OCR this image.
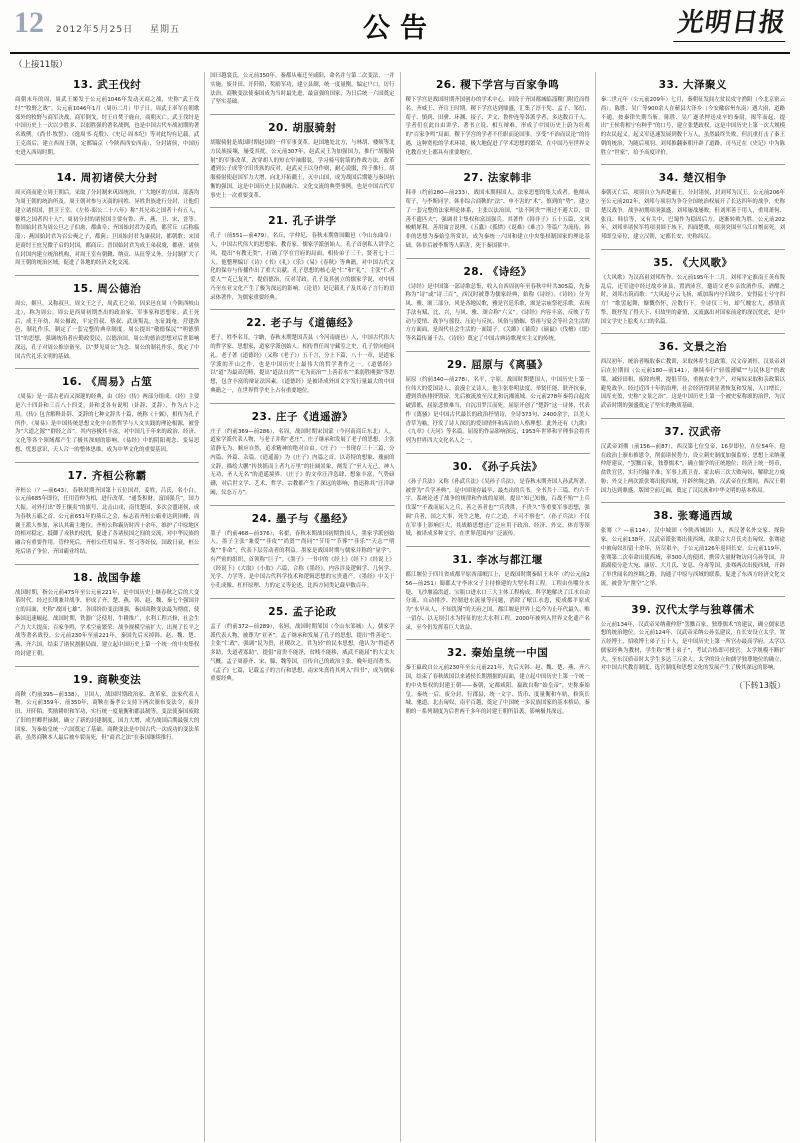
12 2012年5月25日 星期五	公告	光明日报
（上接11版）
13. 武王伐纣
商朝末年的周，周武王姬发于公元前1046年发动灭商之战，史称“武王伐纣”“牧野之战”。公元前1046年1月（周历二月）甲子日，周武王率军在朝歌郊外的牧野与商军决战，商军倒戈，纣王自焚于鹿台，商朝灭亡。武王伐纣是中国历史上一次以少胜多、以弱胜强的著名战例，也是中国古代车战初期的著名战例。《尚书·牧誓》、《逸周书·克殷》、《史记·周本纪》等对此均有记载。武王克商后，建立西周王朝，定都镐京（今陕西西安西南），分封诸侯，中国历史进入西周时期。
14. 周初诸侯大分封
周灭商而建立周王朝后，采取了分封制来巩固统治，广大地区的方国、部落均为周王朝的统治所及。周王朝对参与灭商的同姓、异姓贵族进行分封，让他们建立诸侯国，拱卫王室。《左传·昭公二十八年》称“其兄弟之国者十有五人，姬姓之国者四十人”。周初分封的诸侯国主要有鲁、齐、燕、卫、宋、晋等。鲁国始封君为周公旦之子伯禽，都曲阜；齐国始封君为姜尚，都营丘（后称临淄）；燕国始封君为召公奭之子，都蓟；卫国始封君为康叔封，都朝歌；宋国是商纣王庶兄微子启的封国，都商丘；晋国始封君为成王弟叔虞，都唐。诸侯在封国内建立统治机构，对周王室有朝觐、纳贡、从征等义务。分封制扩大了周王朝的统治区域，促进了各地的经济文化交流。
15. 周公德治
周公，姬旦，又称叔旦，周文王之子，周武王之弟，因采邑在周（今陕西岐山北），称为周公。周公是西周初期杰出的政治家、军事家和思想家。武王死后，成王年幼，周公摄政，平定管叔、蔡叔、武庚叛乱，东征践奄，营建洛邑，制礼作乐，制定了一套完整的典章制度。周公提出“敬德保民”“明德慎罚”的思想，强调统治者应勤政爱民，以德治国。周公的德治思想对后世影响深远，孔子对周公推崇备至，以“梦见周公”为念。周公的制礼作乐，奠定了中国古代礼乐文明的基础。
16. 《周易》占筮
《周易》是一部古老而又深邃的经典，由《经》《传》两部分组成。《经》主要是六十四卦和三百八十四爻，卦和爻各有说明（卦辞、爻辞），作为占卜之用。《传》包含解释卦辞、爻辞的七种文辞共十篇，统称《十翼》，相传为孔子所作。《周易》是中国传统思想文化中自然哲学与人文实践的理论根源，被誉为“大道之源”“群经之首”。其内容极其丰富，对中国几千年来的政治、经济、文化等各个领域都产生了极其深刻的影响。《易经》中的阴阳观念、变易思想、忧患意识、天人合一的整体思维，成为中华文化的重要基因。
17. 齐桓公称霸
齐桓公（？—前643），春秋时期齐国第十五位国君，姜姓，吕氏，名小白。公元前685年即位，任用管仲为相，进行改革，“通货积财，富国强兵”，国力大振。对外打出“尊王攘夷”的旗号，北击山戎，南伐楚国，多次会盟诸侯，成为春秋五霸之首。公元前651年的葵丘之会，标志着齐桓公霸业达到顶峰，周襄王派人参加，承认其霸主地位。齐桓公称霸历时四十余年，维护了中原地区的相对稳定，抵御了戎狄的侵扰，促进了各诸侯国之间的交流，对中华民族的融合有重要作用。管仲死后，齐桓公任用易牙、竖刁等奸佞，国政日衰，桓公死后诸子争位，齐国霸业终结。
18. 战国争雄
战国时期，指公元前475年至公元前221年，是中国历史上继春秋之后的大变革时代。经过长期兼并战争，形成了齐、楚、燕、韩、赵、魏、秦七个强国并立的局面，史称“战国七雄”。各国纷纷变法图强，秦国商鞅变法最为彻底，使秦国迅速崛起。战国时期，铁器广泛使用，牛耕推广，水利工程兴修，社会生产力大大提高；百家争鸣，学术空前繁荣；战争规模空前扩大，出现了长平之战等著名战役。公元前230年至前221年，秦国先后灭掉韩、赵、魏、楚、燕、齐六国，结束了诸侯割据局面，建立起中国历史上第一个统一的中央集权的封建王朝。
19. 商鞅变法
商鞅（约前395—前338），卫国人，战国时期政治家、改革家，法家代表人物。公元前359年、前350年，商鞅在秦孝公支持下两次颁布变法令，废井田、开阡陌，奖励耕织和军功，实行统一度量衡和郡县制等。变法使秦国废除了旧的世卿世禄制，确立了新的封建制度，国力大增，成为战国后期最强大的国家，为秦始皇统一六国奠定了基础。商鞅变法是中国古代一次成功的变法革新，虽然商鞅本人最后被车裂而死，但“商君之法”在秦国继续推行。
国曰越裳氏。公元前350年，秦都从雍迁至咸阳，命名并与第二次变法，一并实施。废井田、开阡陌，奖励军功，建立县制，统一度量衡，编定户口，厉行法治。商鞅变法使秦国成为当时最先进、最富强的国家，为日后统一六国奠定了坚实基础。
20. 胡服骑射
胡服骑射是战国时期赵国的一件军事变革。赵国地处北方，与林胡、楼烦等北方民族接壤，屡受其扰。公元前307年，赵武灵王为加强国力，推行“胡服骑射”的军事改革，改穿胡人的短衣窄袖服装，学习骑马射箭的作战方法。改革遭到公子成等守旧贵族的反对，赵武灵王以身作则，耐心说服，终于推行。胡服骑射使赵国军力大增，向北开拓疆土，灭中山国，成为战国后期能与秦国抗衡的强国。这是中国历史上民族融合、文化交流的典型事例，也是中国古代军事史上一次重要变革。
21. 孔子讲学
孔子（前551—前479），名丘，字仲尼，春秋末期鲁国陬邑（今山东曲阜）人，中国古代伟大的思想家、教育家，儒家学派创始人。孔子首创私人讲学之风，提出“有教无类”，打破了学在官府的局面，相传弟子三千，贤者七十二人。他整理编订《诗》《书》《礼》《乐》《易》《春秋》等典籍，对中国古代文化的保存与传播作出了重大贡献。孔子思想的核心是“仁”和“礼”，主张“仁者爱人”“克己复礼”，提倡德治，反对苛政。孔子及其创立的儒家学说，对中国乃至东亚文化产生了极为深远的影响。《论语》是记载孔子及其弟子言行的语录体著作，为儒家重要经典。
22. 老子与《道德经》
老子，姓李名耳，字聃，春秋末期楚国苦县（今河南鹿邑）人，中国古代伟大的哲学家、思想家，道家学派创始人。相传曾任周守藏室之史，孔子曾向他问礼。老子著《道德经》（又称《老子》）五千言，分上下篇，八十一章，是道家学派的开山之作，也是中国历史上最伟大的哲学著作之一。《道德经》以“道”为最高范畴，提出“道法自然”“无为而治”“上善若水”“柔弱胜刚强”等思想，包含丰富的辩证法因素。《道德经》是被译成外国文字发行量最大的中国典籍之一，在世界哲学史上占有重要地位。
23. 庄子《逍遥游》
庄子（约前369—前286），名周，战国时期宋国蒙（今河南商丘东北）人，道家学派代表人物，与老子并称“老庄”。庄子继承和发展了老子的思想，主张清静无为、顺应自然，追求精神的绝对自由。《庄子》一书现存三十三篇，分内篇、外篇、杂篇。《逍遥游》为《庄子》内篇之首，以奇特的想象、瑰丽的文辞，描绘大鹏“抟扶摇而上者九万里”的壮阔景象，阐发了“至人无己，神人无功，圣人无名”的逍遥境界。《庄子》的文章汪洋恣肆，想象丰富，气势磅礴，对后世文学、艺术、哲学、宗教都产生了深远的影响，鲁迅称其“汪洋辟阖，仪态万方”。
24. 墨子与《墨经》
墨子（约前468—前376），名翟，春秋末期战国初期鲁国人，墨家学派创始人。墨子主张“兼爱”“非攻”“尚贤”“尚同”“节用”“节葬”“非乐”“天志”“明鬼”“非命”，代表下层劳动者的利益。墨家是战国时期与儒家并称的“显学”，有严密的组织，首领称“巨子”。《墨子》一书中的《经上》《经下》《经说上》《经说下》《大取》《小取》六篇，合称《墨经》，内容涉及逻辑学、几何学、光学、力学等，是中国古代科学技术和逻辑思想的宝贵遗产。《墨经》中关于小孔成像、杠杆原理、力的定义等论述，比西方同类记载早数百年。
25. 孟子论政
孟子（约前372—前289），名轲，战国时期邹国（今山东邹城）人，儒家学派代表人物，被尊为“亚圣”。孟子继承和发展了孔子的思想，提出“性善论”，主张“仁政”，强调“民为贵，社稷次之，君为轻”的民本思想。他认为“得道者多助，失道者寡助”，提倡“富贵不能淫，贫贱不能移，威武不能屈”的大丈夫气概。孟子周游齐、宋、滕、魏等国，宣传自己的政治主张，晚年退而著书。《孟子》七篇，记载孟子的言行和思想，南宋朱熹将其列入“四书”，成为儒家重要经典。
26. 稷下学宫与百家争鸣
稷下学宫是战国时期齐国创办的学术中心，因设于齐国都城临淄稷门附近而得名。齐威王、齐宣王时期，稷下学宫达到鼎盛，汇集了淳于髡、孟子、邹衍、荀子、慎到、田骈、环渊、接子、尹文、鲁仲连等各派学者，多达数百千人。学者们在此自由讲学、著书立说、相互辩难，形成了中国历史上蔚为壮观的“百家争鸣”局面。稷下学宫的学者不任职而论国事，享受“不治而议论”的待遇，这种宽松的学术环境，极大地促进了学术思想的繁荣，在中国乃至世界文化教育史上都具有重要地位。
27. 法家韩非
韩非（约前280—前233），战国末期韩国人，法家思想的集大成者。他师从荀子，与李斯同学。韩非综合商鞅的“法”、申不害的“术”、慎到的“势”，建立了一套完整的法家理论体系，主张以法治国，“法不阿贵”“刑过不避大臣，赏善不遗匹夫”，强调君主集权和富国强兵。其著作《韩非子》五十五篇，文风峻峭犀利，善用寓言说理，《五蠹》《孤愤》《说难》《难言》等篇广为流传。韩非的思想为秦始皇所赏识，成为秦统一六国和建立中央集权制国家的理论基础。韩非后被李斯等人陷害，死于秦国狱中。
28. 《诗经》
《诗经》是中国第一部诗歌总集，收入自西周初年至春秋中叶共305篇，先秦称为“诗”或“诗三百”，西汉时被尊为儒家经典，始称《诗经》。《诗经》分为风、雅、颂三部分，风是各地民歌，雅是宫廷乐歌，颂是宗庙祭祀乐歌。表现手法有赋、比、兴，与风、雅、颂合称“六义”。《诗经》内容丰富，反映了劳动与爱情、战争与徭役、压迫与反抗、风俗与婚姻、祭祖与宴会等社会生活的方方面面，是周代社会生活的一面镜子。《关雎》《蒹葭》《硕鼠》《伐檀》《氓》等名篇传诵千古，《诗经》奠定了中国古典诗歌现实主义的传统。
29. 屈原与《离骚》
屈原（约前340—前278），名平，字原，战国时期楚国人，中国历史上第一位伟大的爱国诗人、浪漫主义诗人。他主张彰明法度、举贤任能、联齐抗秦，遭到贵族排挤毁谤，先后被流放至汉北和沅湘流域。公元前278年秦将白起攻破郢都，屈原悲愤难当，自沉汨罗江而死。屈原开创了“楚辞”这一诗体，代表作《离骚》是中国古代最长的政治抒情诗，全诗373句、2400余字，以美人香草为喻，抒发了诗人深沉的爱国情怀和高洁的人格理想。此外还有《九歌》《九章》《天问》等名篇。屈原的作品影响深远，1953年世界和平理事会将其列为世界四大文化名人之一。
30. 《孙子兵法》
《孙子兵法》又称《孙武兵法》《吴孙子兵法》，是春秋末期齐国人孙武所著，被誉为“兵学圣典”，是中国现存最早、最杰出的兵书。全书共十三篇，约六千字，系统论述了战争的规律和作战的原则。提出“知己知彼，百战不殆”“上兵伐谋”“不战而屈人之兵，善之善者也”“兵贵胜，不贵久”等重要军事思想，强调“兵者，国之大事，死生之地，存亡之道，不可不察也”。《孙子兵法》不仅在军事上影响巨大，其战略思想还广泛应用于政治、经济、外交、体育等领域，被译成多种文字，在世界范围内广泛流传。
31. 李冰与都江堰
都江堰位于四川省成都平原西部岷江上，是战国时期秦昭王末年（约公元前256—前251）蜀郡太守李冰父子主持修建的大型水利工程。工程由鱼嘴分水堤、飞沙堰溢洪道、宝瓶口进水口三大主体工程构成，科学地解决了江水自动分流、自动排沙、控制进水流量等问题，消除了岷江水患，使成都平原成为“水旱从人，不知饥馑”的天府之国。都江堰是世界上迄今为止年代最久、唯一留存、以无坝引水为特征的宏大水利工程，2000年被列入世界文化遗产名录，至今仍发挥着巨大效益。
32. 秦始皇统一中国
秦王嬴政自公元前230年至公元前221年，先后灭韩、赵、魏、楚、燕、齐六国，结束了春秋战国以来诸侯长期割据的局面，建立起中国历史上第一个统一的中央集权的封建王朝——秦朝，定都咸阳。嬴政自称“始皇帝”，史称秦始皇。秦统一后，废分封，行郡县，统一文字、货币、度量衡和车轨，修筑长城、驰道，北击匈奴，南平百越，奠定了中国统一多民族国家的基本格局。秦朝的一系列制度为后世两千多年的封建王朝所沿袭，影响极其深远。
33. 大泽聚义
秦二世元年（公元前209年）七月，秦朝征发闾左贫民戍守渔阳（今北京密云西），陈胜、吴广等900余人在蕲县大泽乡（今安徽宿州东南）遇大雨，道路不通，按秦律失期当斩。陈胜、吴广遂杀押送戍卒的秦尉，揭竿而起，提出“王侯将相宁有种乎”的口号，建立张楚政权，这是中国历史上第一次大规模的农民起义。起义军迅速发展到数十万人，虽然最终失败，但沉重打击了秦王朝的统治，为随后项羽、刘邦推翻秦朝开辟了道路。司马迁在《史记》中为陈胜立“世家”，给予高度评价。
34. 楚汉相争
秦朝灭亡后，项羽自立为西楚霸王，分封诸侯，封刘邦为汉王。公元前206年至公元前202年，刘邦与项羽为争夺全国统治权展开了长达四年的战争，史称楚汉战争。战争初期项羽强盛，刘邦屡战屡败，但刘邦善于用人，重用萧何、张良、韩信等，又有关中、巴蜀作为稳固后方，逐渐转败为胜。公元前202年，刘邦率诸侯军将项羽围于垓下，四面楚歌，项羽突围至乌江自刎而死。刘邦即皇帝位，建立汉朝，定都长安，史称西汉。
35. 《大风歌》
《大风歌》为汉高祖刘邦所作。公元前195年十二月，刘邦平定淮南王英布叛乱后，还军途中经过故乡沛县，置酒沛宫，邀请父老乡亲饮酒作乐，酒酣之时，刘邦击筑而歌：“大风起兮云飞扬，威加海内兮归故乡，安得猛士兮守四方！”歌罢起舞，慷慨伤怀，泣数行下。全诗仅三句，却气魄宏大，感情真挚，既抒发了得天下、归故里的豪情，又流露出对国家前途的深沉忧虑，是中国文学史上脍炙人口的名篇。
36. 文景之治
西汉初年，统治者吸取秦亡教训，采取休养生息政策。汉文帝刘恒、汉景帝刘启在位期间（公元前180—前141），继续奉行“轻徭薄赋”“与民休息”的政策，减轻田租，废除肉刑，提倡节俭，重视农业生产，对匈奴采取和亲政策以避免战争。经过近四十年的治理，社会经济得到显著恢复和发展，人口增长，国库充盈，史称“文景之治”。这是中国历史上第一个被史家称颂的治世，为汉武帝时期的强盛奠定了坚实的物质基础。
37. 汉武帝
汉武帝刘彻（前156—前87），西汉第七位皇帝，16岁即位，在位54年。他在政治上颁布推恩令，削弱诸侯势力，设立刺史制度加强监察；思想上采纳董仲舒建议，“罢黜百家，独尊儒术”，确立儒学的正统地位；经济上统一铸币，盐铁官营，实行均输平准；军事上派卫青、霍去病三次大败匈奴，解除北方威胁；外交上两次派张骞出使西域，开辟丝绸之路。汉武帝在位期间，西汉王朝国力达到鼎盛，版图空前辽阔，奠定了汉民族和中华文明的基本格局。
38. 张骞通西域
张骞（？—前114），汉中城固（今陕西城固）人，西汉著名外交家、探险家。公元前138年，汉武帝派张骞出使西域，欲联合大月氏夹击匈奴。张骞途中被匈奴扣留十余年，历尽艰辛，于公元前126年返回长安。公元前119年，张骞第二次奉命出使西域，率300人的使团，携带大量财物访问乌孙等国，并派副使分赴大宛、康居、大月氏、安息、身毒等国。张骞两次出使西域，开辟了举世闻名的丝绸之路，沟通了中原与西域的联系，促进了东西方经济文化交流，被誉为“凿空”之举。
39. 汉代太学与独尊儒术
公元前134年，汉武帝采纳董仲舒“罢黜百家，独尊儒术”的建议，确立儒家思想的统治地位。公元前124年，汉武帝采纳公孙弘建议，在长安设立太学，置五经博士，招收博士弟子五十人，是中国历史上第一所官办最高学府。太学以儒家经典为教材，学生称“博士弟子”，考试合格即可授官。太学规模不断扩大，至东汉质帝时太学生多达三万余人。太学的设立和儒学独尊地位的确立，对中国古代教育制度、选官制度和思想文化的发展产生了极其深远的影响。
（下转13版）
